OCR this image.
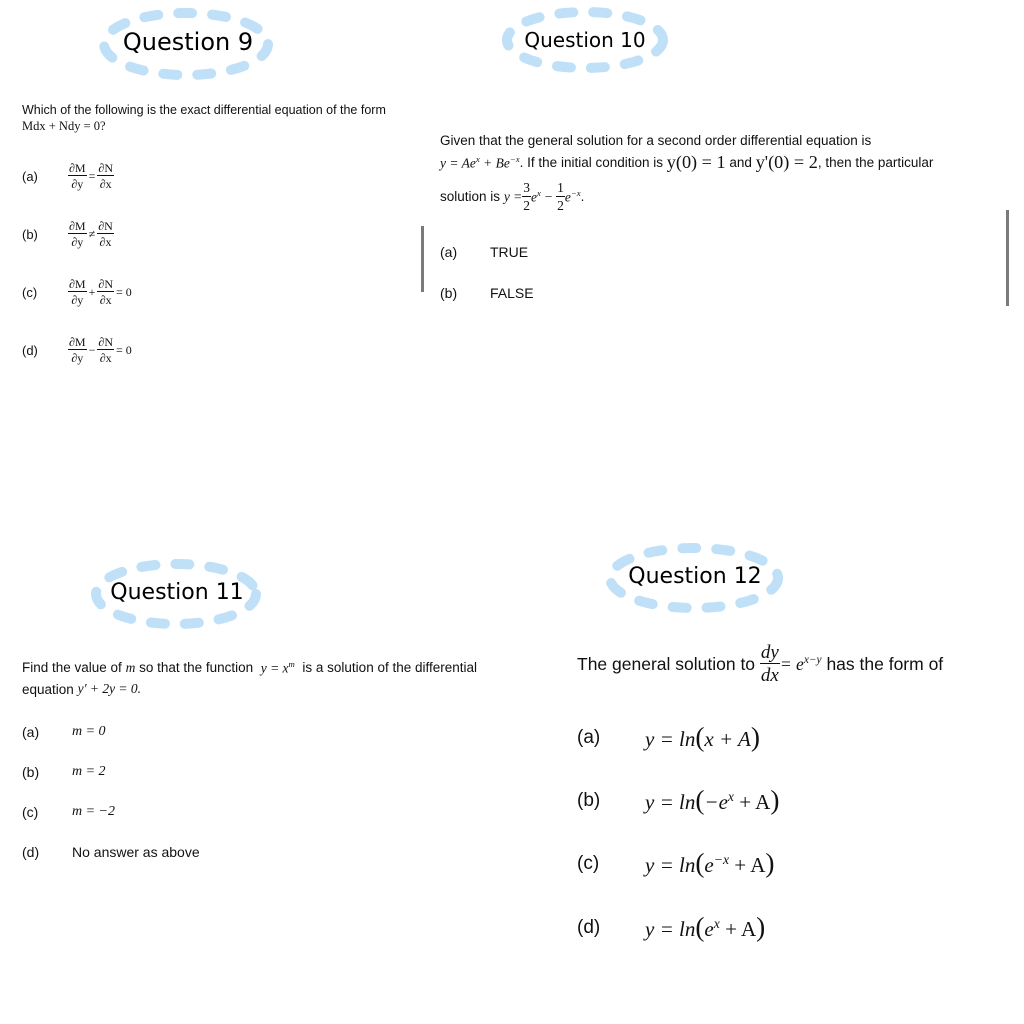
Question 9
Which of the following is the exact differential equation of the form
Mdx + Ndy = 0?
(a)	$\frac{\partial M}{\partial y} = \frac{\partial N}{\partial x}$
(b)	$\frac{\partial M}{\partial y} \ne \frac{\partial N}{\partial x}$
(c)	$\frac{\partial M}{\partial y} + \frac{\partial N}{\partial x} = 0$
(d)	$\frac{\partial M}{\partial y} - \frac{\partial N}{\partial x} = 0$
Question 10
Given that the general solution for a second order differential equation is
$y = Ae^x + Be^{-x}$ . If the initial condition is
y(0) = 1
and
y'(0) = 2 , then the particular
solution is
$y = \frac{3}{2} e^x$
−
$\frac{1}{2} e^{-x}$ .
(a)	TRUE
(b)	FALSE
Question 11
Find the value of
m
so that the function
$y = x^m$
is a solution of the differential
equation
y' + 2y = 0.
(a)	m = 0
(b)	m = 2
(c)	m = −2
(d)	No answer as above
Question 12
The general solution to
$\frac{dy}{dx} = e^{x-y}$
has the form of
(a)	y = ln(x + A)
(b)	$y = \ln(-e^x + A)$
(c)	$y = \ln(e^{-x} + A)$
(d)	$y = \ln(e^x + A)$
